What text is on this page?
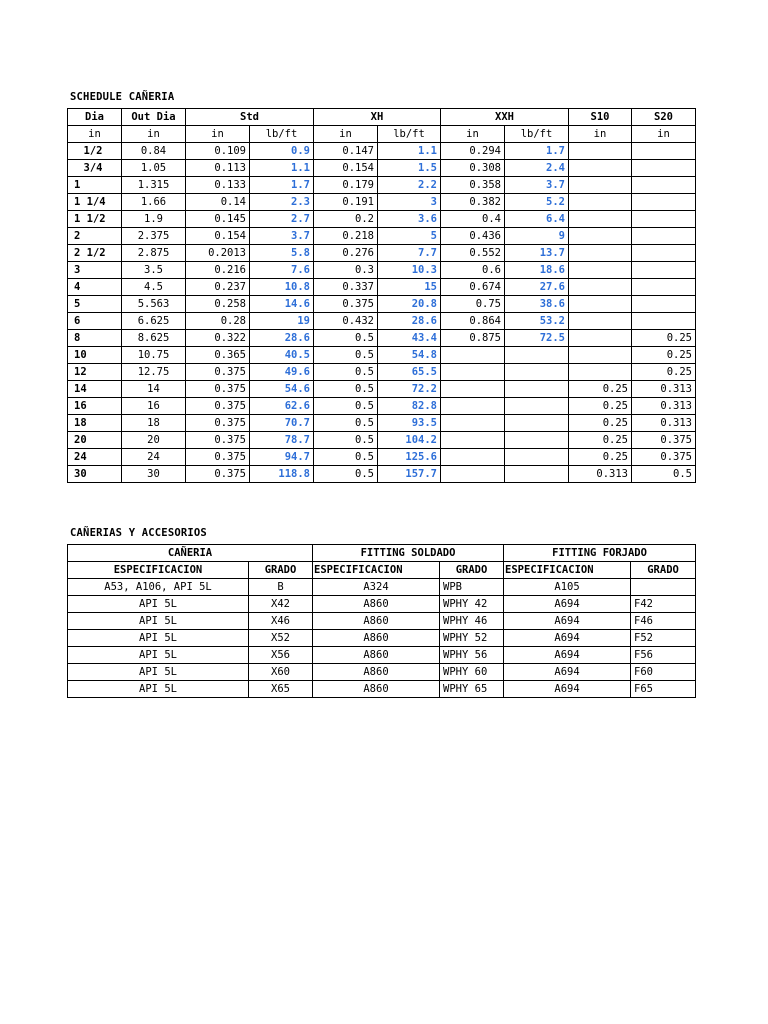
SCHEDULE CAÑERIA
Dia	Out Dia	Std		XH		XXH		S10	S20
in	in	in	lb/ft	in	lb/ft	in	lb/ft	in	in
1/2	0.84	0.109	0.9	0.147	1.1	0.294	1.7		
3/4	1.05	0.113	1.1	0.154	1.5	0.308	2.4		
1	1.315	0.133	1.7	0.179	2.2	0.358	3.7		
1 1/4	1.66	0.14	2.3	0.191	3	0.382	5.2		
1 1/2	1.9	0.145	2.7	0.2	3.6	0.4	6.4		
2	2.375	0.154	3.7	0.218	5	0.436	9		
2 1/2	2.875	0.2013	5.8	0.276	7.7	0.552	13.7		
3	3.5	0.216	7.6	0.3	10.3	0.6	18.6		
4	4.5	0.237	10.8	0.337	15	0.674	27.6		
5	5.563	0.258	14.6	0.375	20.8	0.75	38.6		
6	6.625	0.28	19	0.432	28.6	0.864	53.2		
8	8.625	0.322	28.6	0.5	43.4	0.875	72.5		0.25
10	10.75	0.365	40.5	0.5	54.8				0.25
12	12.75	0.375	49.6	0.5	65.5				0.25
14	14	0.375	54.6	0.5	72.2			0.25	0.313
16	16	0.375	62.6	0.5	82.8			0.25	0.313
18	18	0.375	70.7	0.5	93.5			0.25	0.313
20	20	0.375	78.7	0.5	104.2			0.25	0.375
24	24	0.375	94.7	0.5	125.6			0.25	0.375
30	30	0.375	118.8	0.5	157.7			0.313	0.5
CAÑERIAS Y ACCESORIOS
CAÑERIA		FITTING SOLDADO		FITTING FORJADO	
ESPECIFICACION	GRADO	ESPECIFICACION	GRADO	ESPECIFICACION	GRADO
A53, A106, API 5L	B	A324	WPB	A105	
API 5L	X42	A860	WPHY 42	A694	F42
API 5L	X46	A860	WPHY 46	A694	F46
API 5L	X52	A860	WPHY 52	A694	F52
API 5L	X56	A860	WPHY 56	A694	F56
API 5L	X60	A860	WPHY 60	A694	F60
API 5L	X65	A860	WPHY 65	A694	F65
